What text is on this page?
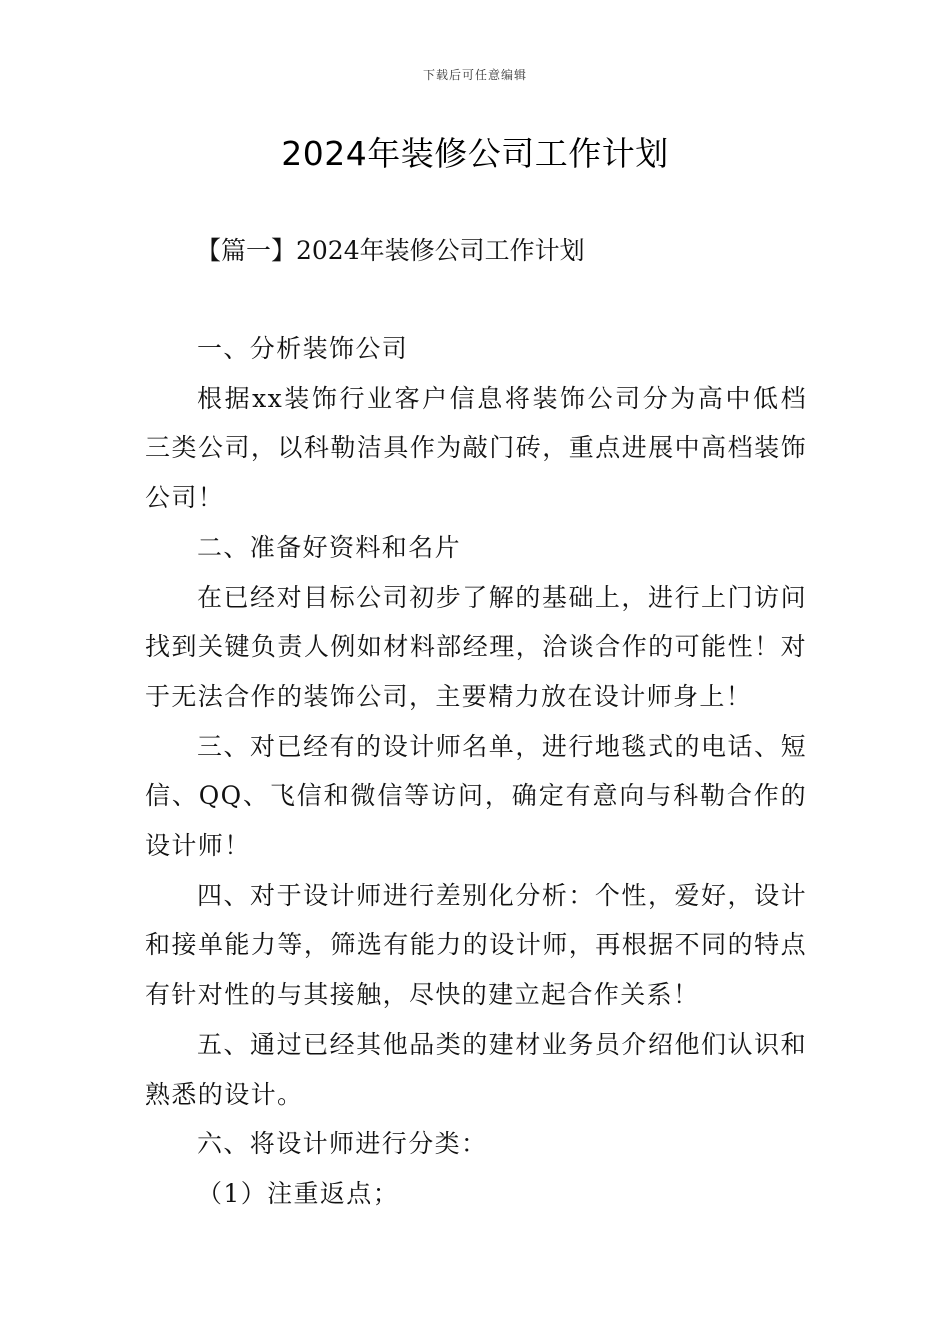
下载后可任意编辑
2024年装修公司工作计划
【篇一】2024年装修公司工作计划

一、分析装饰公司

根据xx装饰行业客户信息将装饰公司分为高中低档三类公司，以科勒洁具作为敲门砖，重点进展中高档装饰公司！

二、准备好资料和名片

在已经对目标公司初步了解的基础上，进行上门访问找到关键负责人例如材料部经理，洽谈合作的可能性！对于无法合作的装饰公司，主要精力放在设计师身上！

三、对已经有的设计师名单，进行地毯式的电话、短信、QQ、飞信和微信等访问，确定有意向与科勒合作的设计师！

四、对于设计师进行差别化分析：个性，爱好，设计和接单能力等，筛选有能力的设计师，再根据不同的特点有针对性的与其接触，尽快的建立起合作关系！

五、通过已经其他品类的建材业务员介绍他们认识和熟悉的设计。

六、将设计师进行分类：

（1）注重返点；
